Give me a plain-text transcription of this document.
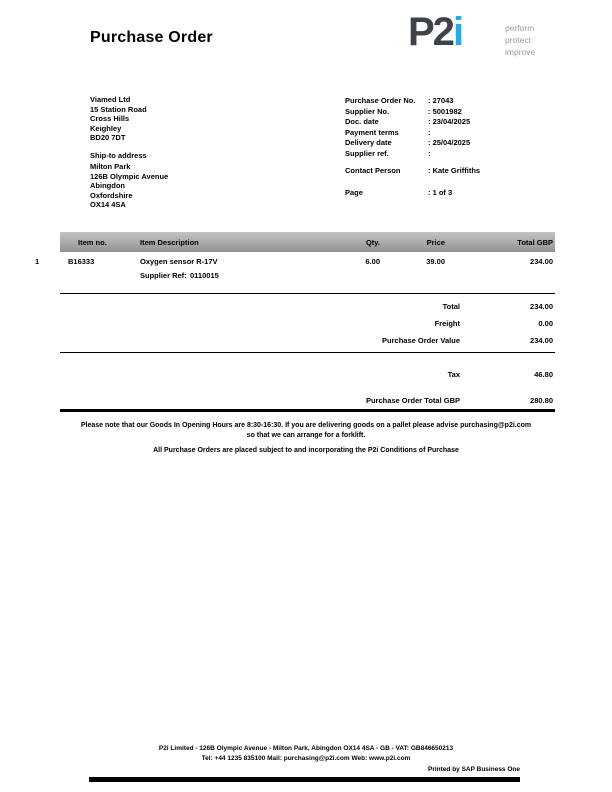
Purchase Order	P2i	perform
protect
improve
Viamed Ltd
15 Station Road
Cross Hills
Keighley
BD20 7DT
Ship-to address
Milton Park
126B Olympic Avenue
Abingdon
Oxfordshire
OX14 4SA
Purchase Order No. : 27043
Supplier No.	: 5001982
Doc. date	: 23/04/2025
Payment terms:
Delivery date	: 25/04/2025
Supplier ref.:
Contact Person	: Kate Griffiths
Page	: 1 of 3
Item no.	Item Description	Qty.	Price	Total GBP
1	B16333	Oxygen sensor R-17V	6.00	39.00	234.00
Supplier Ref: 0110015
Total	234.00
Freight	0.00
Purchase Order Value	234.00
Tax	46.80
Purchase Order Total GBP	280.80
Please note that our Goods In Opening Hours are 8:30-16:30. If you are delivering goods on a pallet please advise purchasing@p2i.com so that we can arrange for a forklift.
All Purchase Orders are placed subject to and incorporating the P2i Conditions of Purchase
P2i Limited - 126B Olympic Avenue - Milton Park, Abingdon OX14 4SA - GB - VAT: GB846650213
Tel: +44 1235 835100 Mail: purchasing@p2i.com Web: www.p2i.com
Printed by SAP Business One
